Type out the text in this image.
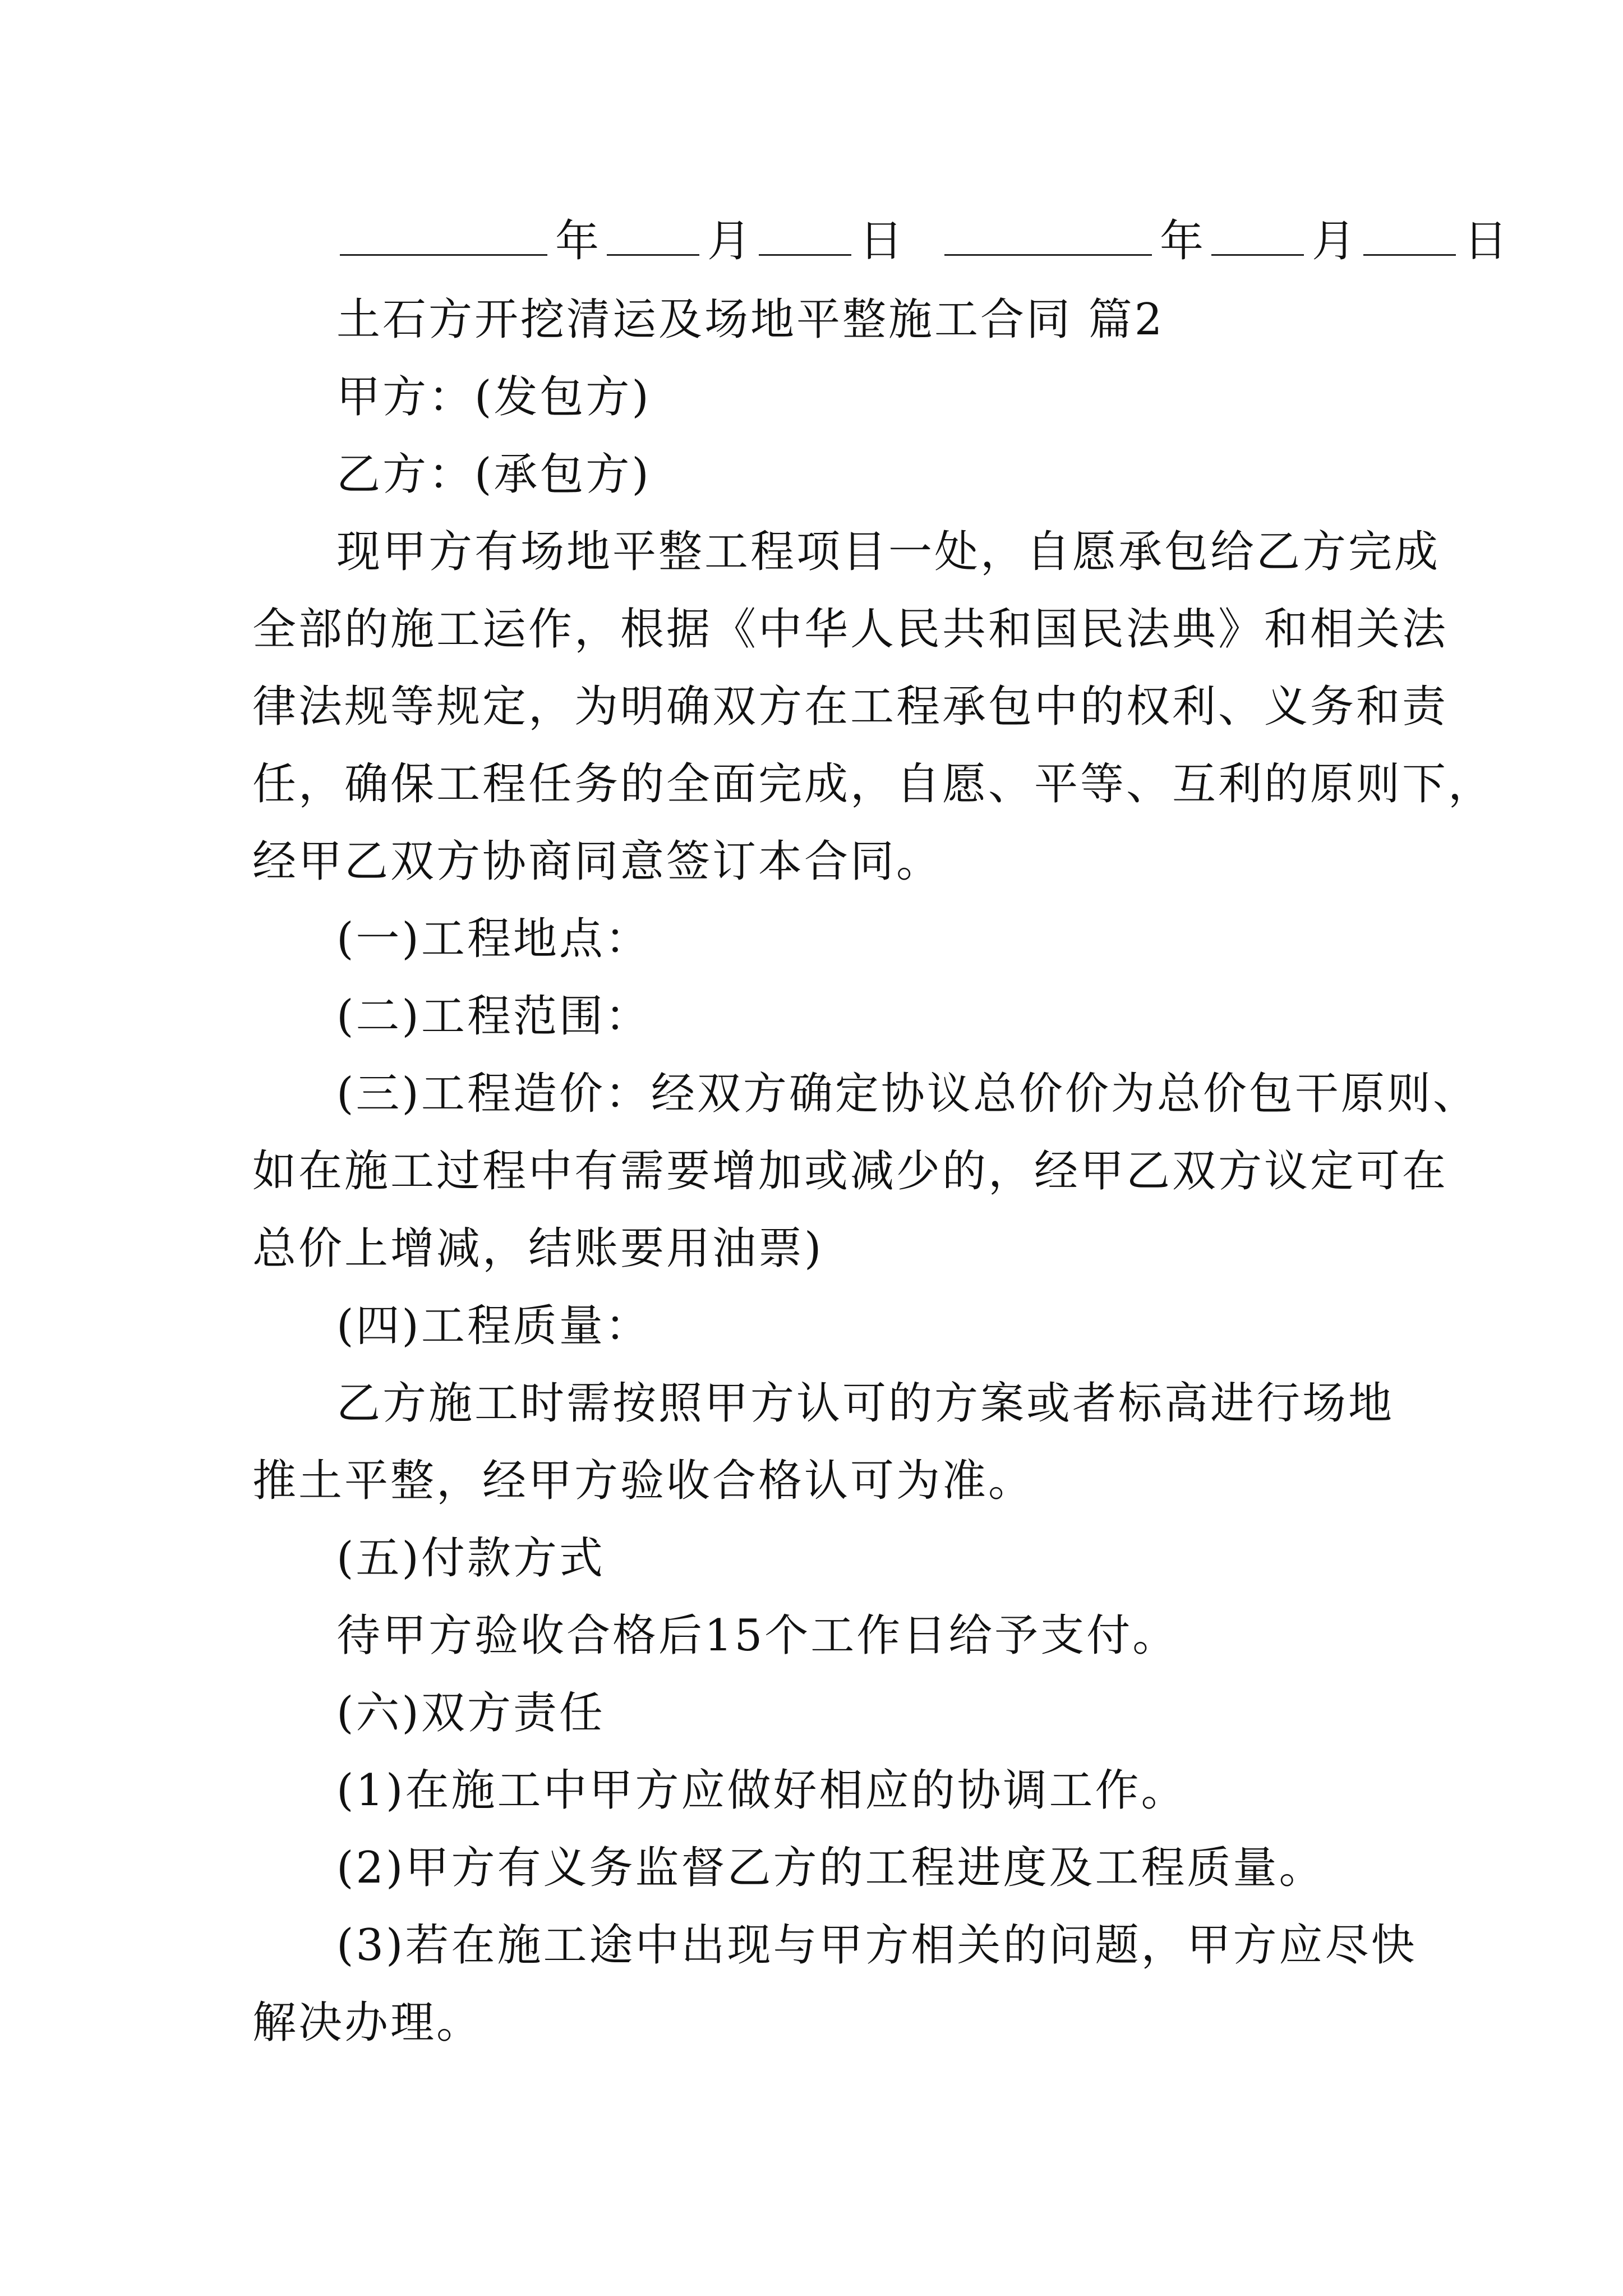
年 月 日	年 月 日
土石方开挖清运及场地平整施工合同 篇2
甲方：(发包方)
乙方：(承包方)
现甲方有场地平整工程项目一处，自愿承包给乙方完成
全部的施工运作，根据《中华人民共和国民法典》和相关法
律法规等规定，为明确双方在工程承包中的权利、义务和责
任，确保工程任务的全面完成，自愿、平等、互利的原则下，
经甲乙双方协商同意签订本合同。
(一)工程地点：
(二)工程范围：
(三)工程造价：经双方确定协议总价价为总价包干原则、
如在施工过程中有需要增加或减少的，经甲乙双方议定可在
总价上增减，结账要用油票)
(四)工程质量：
乙方施工时需按照甲方认可的方案或者标高进行场地
推土平整，经甲方验收合格认可为准。
(五)付款方式
待甲方验收合格后15个工作日给予支付。
(六)双方责任
(1)在施工中甲方应做好相应的协调工作。
(2)甲方有义务监督乙方的工程进度及工程质量。
(3)若在施工途中出现与甲方相关的问题，甲方应尽快
解决办理。
